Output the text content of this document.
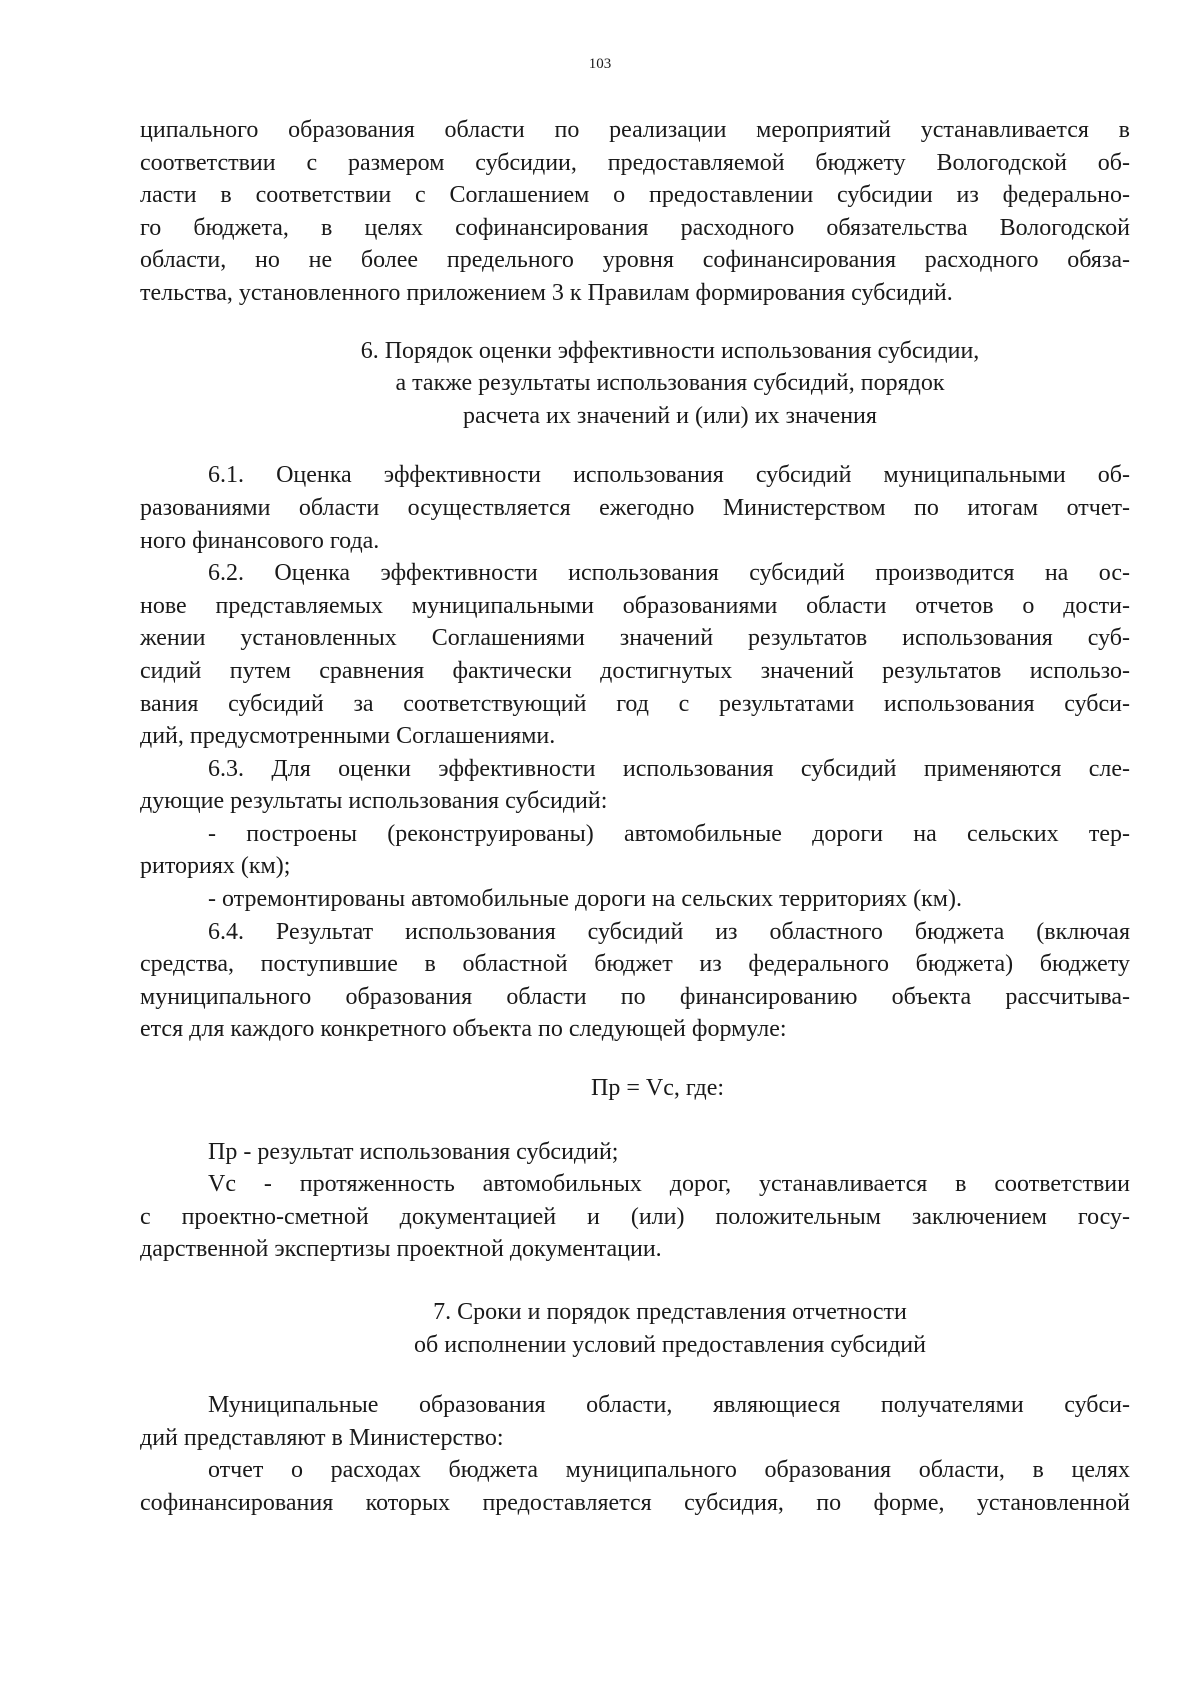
103
ципального образования области по реализации мероприятий устанавливается в
соответствии с размером субсидии, предоставляемой бюджету Вологодской об-
ласти в соответствии с Соглашением о предоставлении субсидии из федерально-
го бюджета, в целях софинансирования расходного обязательства Вологодской
области, но не более предельного уровня софинансирования расходного обяза-
тельства, установленного приложением 3 к Правилам формирования субсидий.
6. Порядок оценки эффективности использования субсидии,
а также результаты использования субсидий, порядок
расчета их значений и (или) их значения
6.1. Оценка эффективности использования субсидий муниципальными об-
разованиями области осуществляется ежегодно Министерством по итогам отчет-
ного финансового года.
6.2. Оценка эффективности использования субсидий производится на ос-
нове представляемых муниципальными образованиями области отчетов о дости-
жении установленных Соглашениями значений результатов использования суб-
сидий путем сравнения фактически достигнутых значений результатов использо-
вания субсидий за соответствующий год с результатами использования субси-
дий, предусмотренными Соглашениями.
6.3. Для оценки эффективности использования субсидий применяются сле-
дующие результаты использования субсидий:
- построены (реконструированы) автомобильные дороги на сельских тер-
риториях (км);
- отремонтированы автомобильные дороги на сельских территориях (км).
6.4. Результат использования субсидий из областного бюджета (включая
средства, поступившие в областной бюджет из федерального бюджета) бюджету
муниципального образования области по финансированию объекта рассчитыва-
ется для каждого конкретного объекта по следующей формуле:
Пр = Vc, где:
Пр - результат использования субсидий;
Vc - протяженность автомобильных дорог, устанавливается в соответствии
с проектно-сметной документацией и (или) положительным заключением госу-
дарственной экспертизы проектной документации.
7. Сроки и порядок представления отчетности
об исполнении условий предоставления субсидий
Муниципальные образования области, являющиеся получателями субси-
дий представляют в Министерство:
отчет о расходах бюджета муниципального образования области, в целях
софинансирования которых предоставляется субсидия, по форме, установленной
